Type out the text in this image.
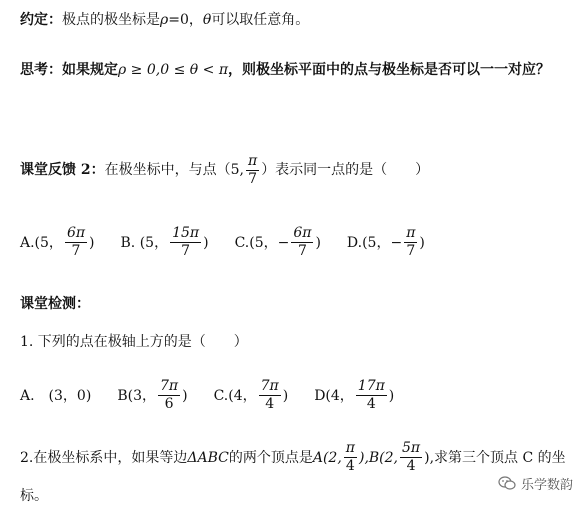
约定：极点的极坐标是ρ=0，θ可以取任意角。
思考：如果规定ρ ≥ 0,0 ≤ θ < π，则极坐标平面中的点与极坐标是否可以一一对应？
课堂反馈 2： 在极坐标中，与点（5, $\frac{\pi}{7}$ ）表示同一点的是（　　）
A.(5， $\frac{6\pi}{7}$ ) B. (5， $\frac{15\pi}{7}$ ) C.(5， − $\frac{6\pi}{7}$ ) D.(5， − $\frac{\pi}{7}$ )
课堂检测：
1. 下列的点在极轴上方的是（　　）
A.　(3，0) B(3， $\frac{7\pi}{6}$ ) C.(4， $\frac{7\pi}{4}$ ) D(4， $\frac{17\pi}{4}$ )
2.在极坐标系中，如果等边 ΔABC 的两个顶点是 A(2, $\frac{\pi}{4} ),B(2$, $\frac{5\pi}{4}$ ),求第三个顶点 C 的坐
标。
乐学数韵
